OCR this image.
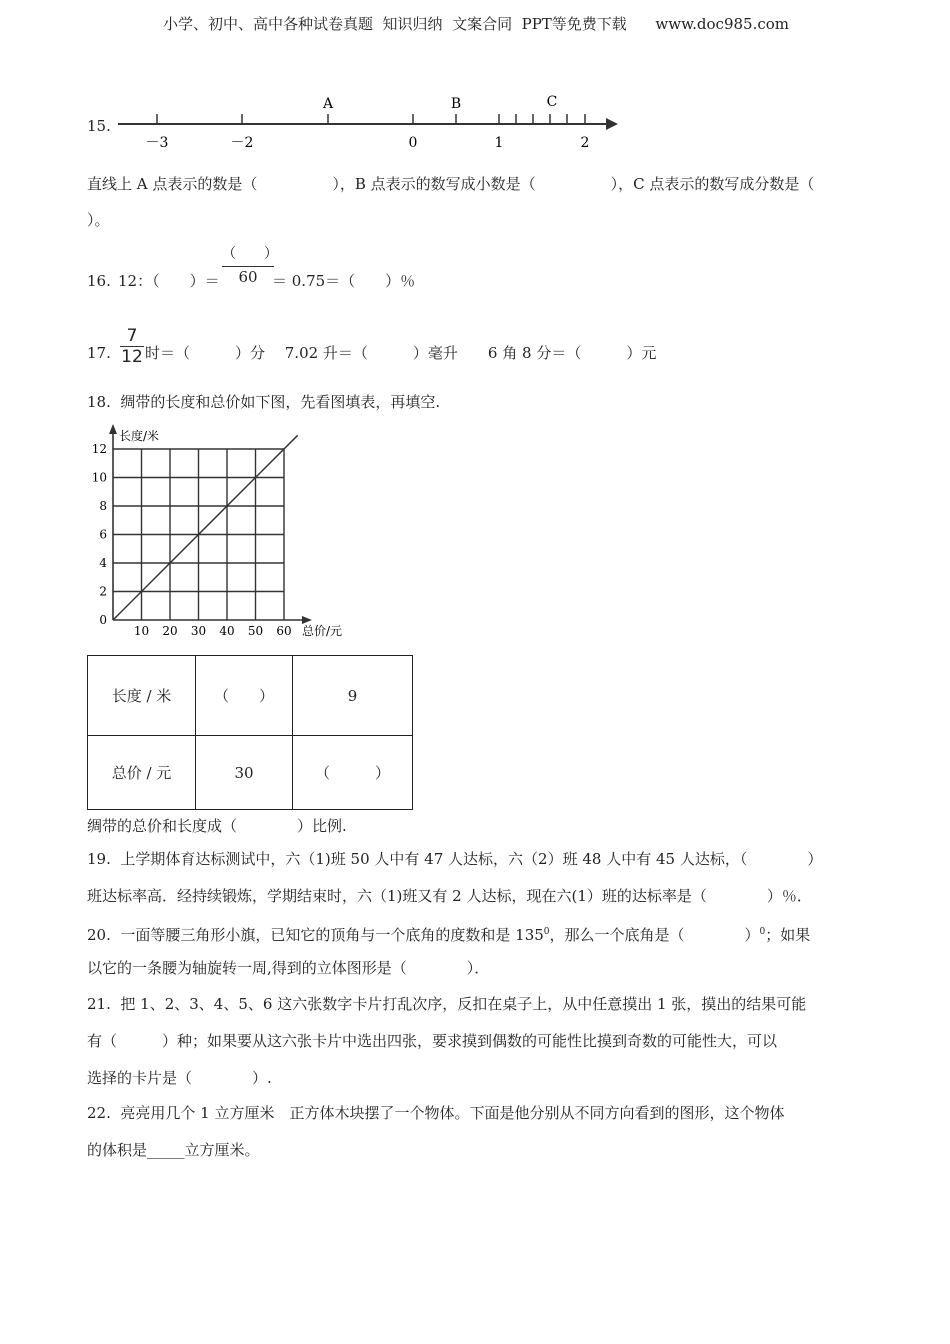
小学、初中、高中各种试卷真题  知识归纳  文案合同  PPT等免费下载      www.doc985.com
15.
－3	－2	0	1	2
A	B	C
直线上 A 点表示的数是（　　　　　），B 点表示的数写成小数是（　　　　　），C 点表示的数写成分数是（
）。
16. 12：（　　）＝
（　　）
60 ＝ 0.75＝（　　）％
17.
7
12 时＝（　　　）分　 7.02 升＝（　　　）毫升　　6 角 8 分＝（　　　）元
18.  绸带的长度和总价如下图，先看图填表，再填空.
0
2
4
6
8
10
12
10 20 30 40 50 60
长度/米
总价/元
长度 / 米	（　　）	9
总价 / 元	30	（　　　）
绸带的总价和长度成（　　　　）比例.
19.  上学期体育达标测试中，六（1)班 50 人中有 47 人达标，六（2）班 48 人中有 45 人达标，（　　　　）
班达标率高．经持续锻炼，学期结束时，六（1)班又有 2 人达标，现在六(1）班的达标率是（　　　　）％．
20.  一面等腰三角形小旗，已知它的顶角与一个底角的度数和是 $135^0$，那么一个底角是（　　　　）$^0$；如果
以它的一条腰为轴旋转一周,得到的立体图形是（　　　　）．
21.  把 1、2、3、4、5、6 这六张数字卡片打乱次序，反扣在桌子上，从中任意摸出 1 张，摸出的结果可能
有（　　　）种；如果要从这六张卡片中选出四张，要求摸到偶数的可能性比摸到奇数的可能性大，可以
选择的卡片是（　　　　）.
22.  亮亮用几个 1 立方厘米　正方体木块摆了一个物体。下面是他分别从不同方向看到的图形，这个物体
的体积是_____立方厘米。
